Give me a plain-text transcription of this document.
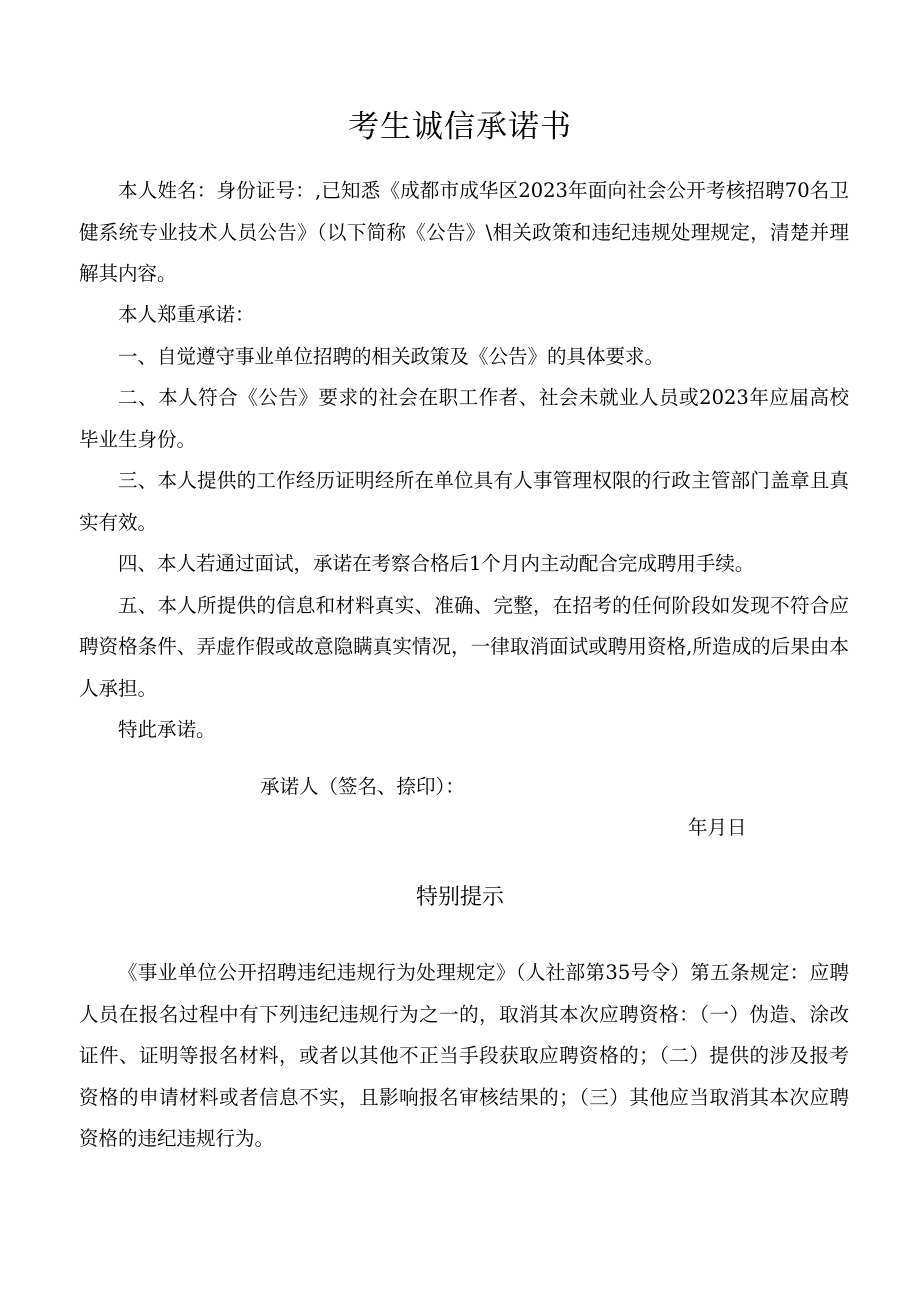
考生诚信承诺书

本人姓名：身份证号：,已知悉《成都市成华区2023年面向社会公开考核招聘70名卫健系统专业技术人员公告》（以下简称《公告》\相关政策和违纪违规处理规定，清楚并理解其内容。

本人郑重承诺：

一、自觉遵守事业单位招聘的相关政策及《公告》的具体要求。

二、本人符合《公告》要求的社会在职工作者、社会未就业人员或2023年应届高校毕业生身份。

三、本人提供的工作经历证明经所在单位具有人事管理权限的行政主管部门盖章且真实有效。

四、本人若通过面试，承诺在考察合格后1个月内主动配合完成聘用手续。

五、本人所提供的信息和材料真实、准确、完整，在招考的任何阶段如发现不符合应聘资格条件、弄虚作假或故意隐瞒真实情况，一律取消面试或聘用资格,所造成的后果由本人承担。

特此承诺。

承诺人（签名、捺印）：

年月日

特别提示

《事业单位公开招聘违纪违规行为处理规定》（人社部第35号令）第五条规定：应聘人员在报名过程中有下列违纪违规行为之一的，取消其本次应聘资格：（一）伪造、涂改证件、证明等报名材料，或者以其他不正当手段获取应聘资格的；（二）提供的涉及报考资格的申请材料或者信息不实，且影响报名审核结果的；（三）其他应当取消其本次应聘资格的违纪违规行为。
